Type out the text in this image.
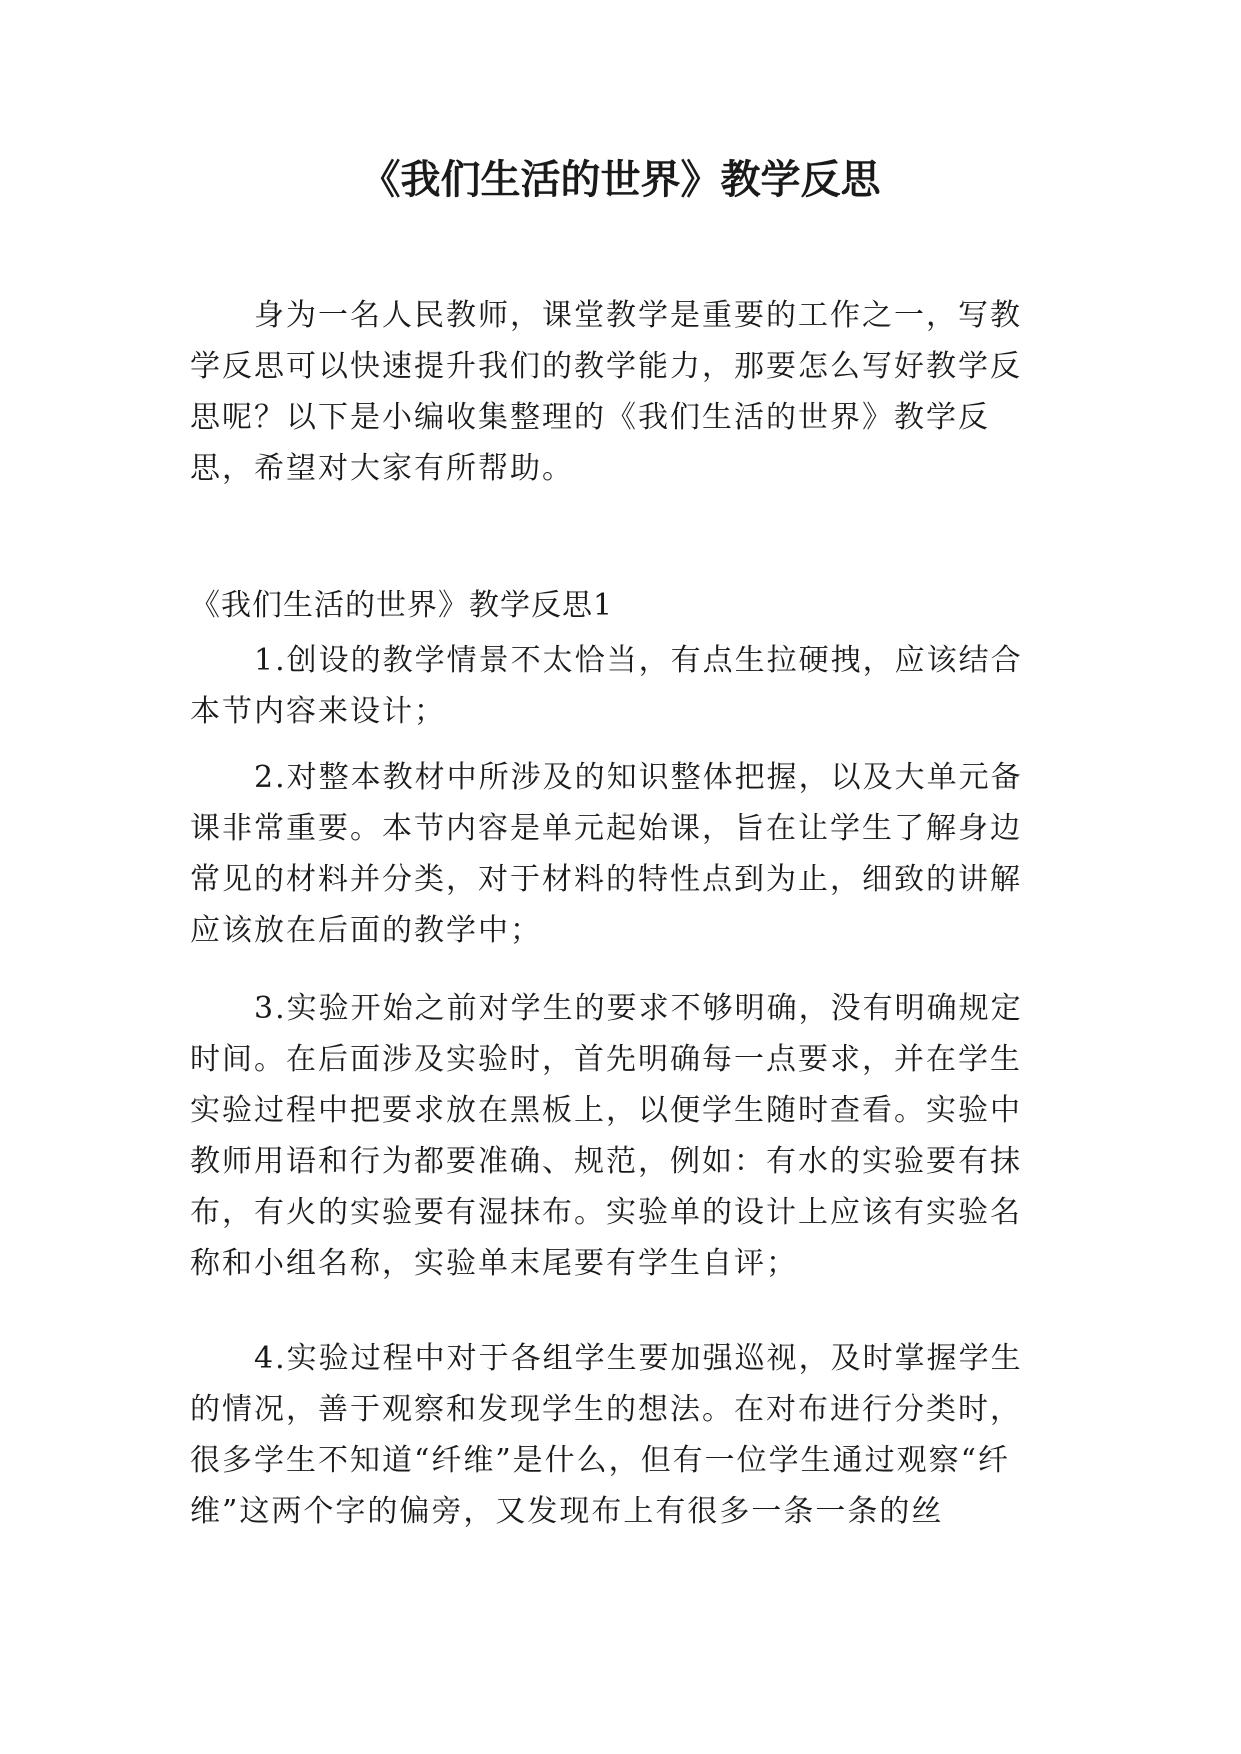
《我们生活的世界》教学反思

身为一名人民教师，课堂教学是重要的工作之一，写教学反思可以快速提升我们的教学能力，那要怎么写好教学反思呢？以下是小编收集整理的《我们生活的世界》教学反思，希望对大家有所帮助。

《我们生活的世界》教学反思1

1.创设的教学情景不太恰当，有点生拉硬拽，应该结合本节内容来设计；

2.对整本教材中所涉及的知识整体把握，以及大单元备课非常重要。本节内容是单元起始课，旨在让学生了解身边常见的材料并分类，对于材料的特性点到为止，细致的讲解应该放在后面的教学中；

3.实验开始之前对学生的要求不够明确，没有明确规定时间。在后面涉及实验时，首先明确每一点要求，并在学生实验过程中把要求放在黑板上，以便学生随时查看。实验中教师用语和行为都要准确、规范，例如：有水的实验要有抹布，有火的实验要有湿抹布。实验单的设计上应该有实验名称和小组名称，实验单末尾要有学生自评；

4.实验过程中对于各组学生要加强巡视，及时掌握学生的情况，善于观察和发现学生的想法。在对布进行分类时，很多学生不知道“纤维”是什么，但有一位学生通过观察“纤维”这两个字的偏旁，又发现布上有很多一条一条的丝
